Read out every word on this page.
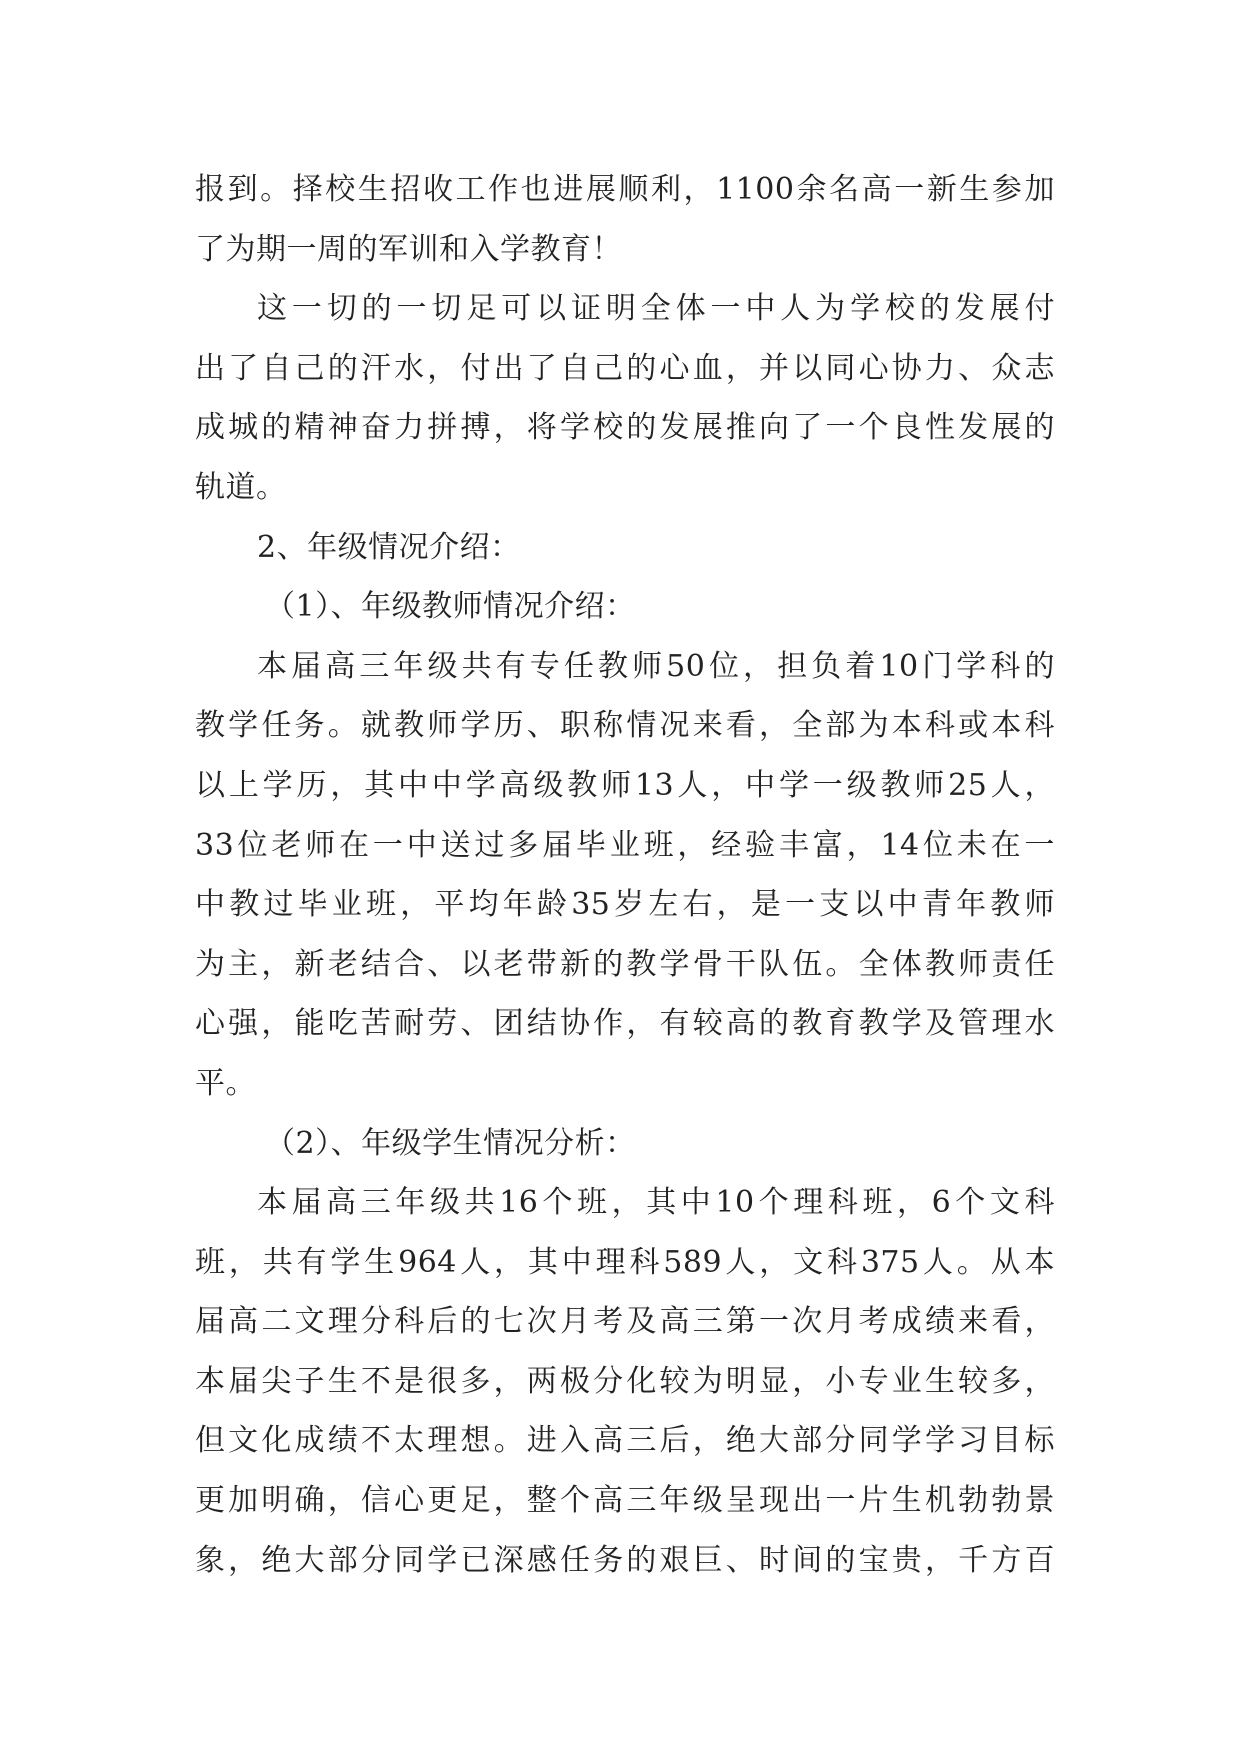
报到。择校生招收工作也进展顺利，1100余名高一新生参加
了为期一周的军训和入学教育！
这一切的一切足可以证明全体一中人为学校的发展付
出了自己的汗水，付出了自己的心血，并以同心协力、众志
成城的精神奋力拼搏，将学校的发展推向了一个良性发展的
轨道。
2、年级情况介绍：
（1）、年级教师情况介绍：
本届高三年级共有专任教师50位，担负着10门学科的
教学任务。就教师学历、职称情况来看，全部为本科或本科
以上学历，其中中学高级教师13人，中学一级教师25人，
33位老师在一中送过多届毕业班，经验丰富，14位未在一
中教过毕业班，平均年龄35岁左右，是一支以中青年教师
为主，新老结合、以老带新的教学骨干队伍。全体教师责任
心强，能吃苦耐劳、团结协作，有较高的教育教学及管理水
平。
（2）、年级学生情况分析：
本届高三年级共16个班，其中10个理科班，6个文科
班，共有学生964人，其中理科589人，文科375人。从本
届高二文理分科后的七次月考及高三第一次月考成绩来看，
本届尖子生不是很多，两极分化较为明显，小专业生较多，
但文化成绩不太理想。进入高三后，绝大部分同学学习目标
更加明确，信心更足，整个高三年级呈现出一片生机勃勃景
象，绝大部分同学已深感任务的艰巨、时间的宝贵，千方百
